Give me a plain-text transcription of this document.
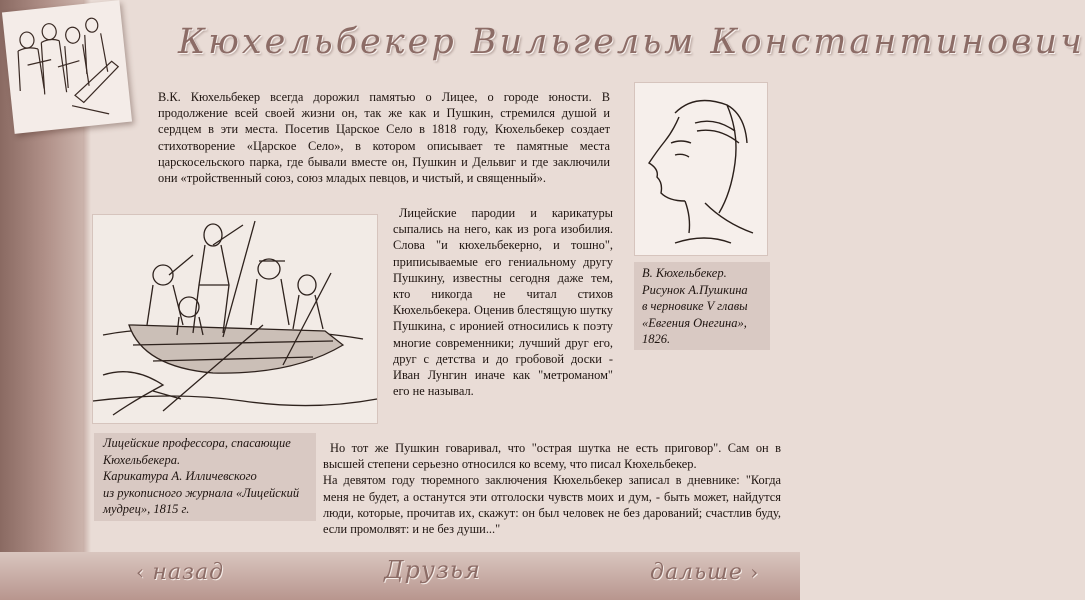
Кюхельбекер Вильгельм Константинович

В.К. Кюхельбекер всегда дорожил памятью о Лицее, о городе юности. В продолжение всей своей жизни он, так же как и Пушкин, стремился душой и сердцем в эти места. Посетив Царское Село в 1818 году, Кюхельбекер создает стихотворение «Царское Село», в котором описывает те памятные места царскосельского парка, где бывали вместе он, Пушкин и Дельвиг и где заключили они «тройственный союз, союз младых певцов, и чистый, и священный».

В. Кюхельбекер.
Рисунок А.Пушкина
в черновике V главы
«Евгения Онегина»,
1826.

Лицейские пародии и карикатуры сыпались на него, как из рога изобилия. Слова "и кюхельбекерно, и тошно", приписываемые его гениальному другу Пушкину, известны сегодня даже тем, кто никогда не читал стихов Кюхельбекера. Оценив блестящую шутку Пушкина, с иронией относились к поэту многие современники; лучший друг его, друг с детства и до гробовой доски - Иван Лунгин иначе как "метроманом" его не называл.

Лицейские профессора, спасающие
Кюхельбекера.
Карикатура А. Илличевского
из рукописного журнала «Лицейский
мудрец», 1815 г.
Но тот же Пушкин говаривал, что "острая шутка не есть приговор". Сам он в высшей степени серьезно относился ко всему, что писал Кюхельбекер.
На девятом году тюремного заключения Кюхельбекер записал в дневнике: "Когда меня не будет, а останутся эти отголоски чувств моих и дум, - быть может, найдутся люди, которые, прочитав их, скажут: он был человек не без дарований; счастлив буду, если промолвят: и не без души..."
‹ назад	Друзья	дальше ›
